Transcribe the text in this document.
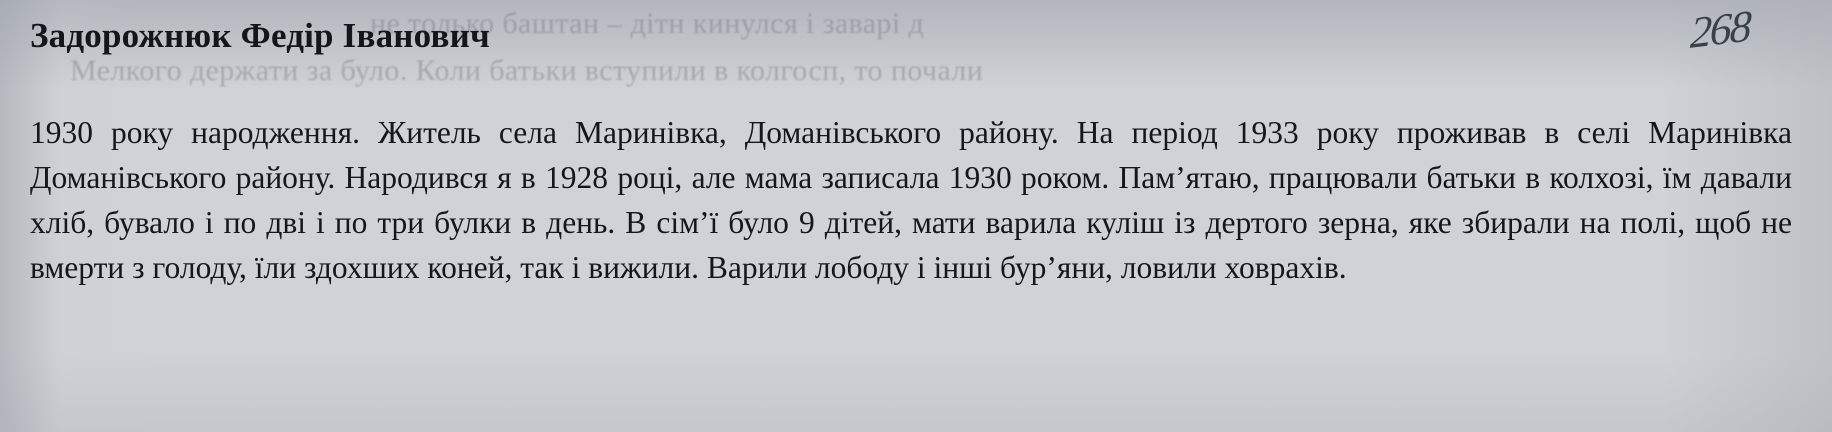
не только баштан – дітн кинулся і заварі д
Мелкого держати за було. Коли батьки вступили в колгосп, то почали
Задорожнюк Федір Іванович	268

1930 року народження. Житель села Маринівка, Доманівського району. На період 1933 року проживав в селі Маринівка Доманівського району. Народився я в 1928 році, але мама записала 1930 роком. Пам’ятаю, працювали батьки в колхозі, їм давали хліб, бувало і по дві і по три булки в день. В сім’ї було 9 дітей, мати варила куліш із дертого зерна, яке збирали на полі, щоб не вмерти з голоду, їли здохших коней, так і вижили. Варили лободу і інші бур’яни, ловили ховрахів.
